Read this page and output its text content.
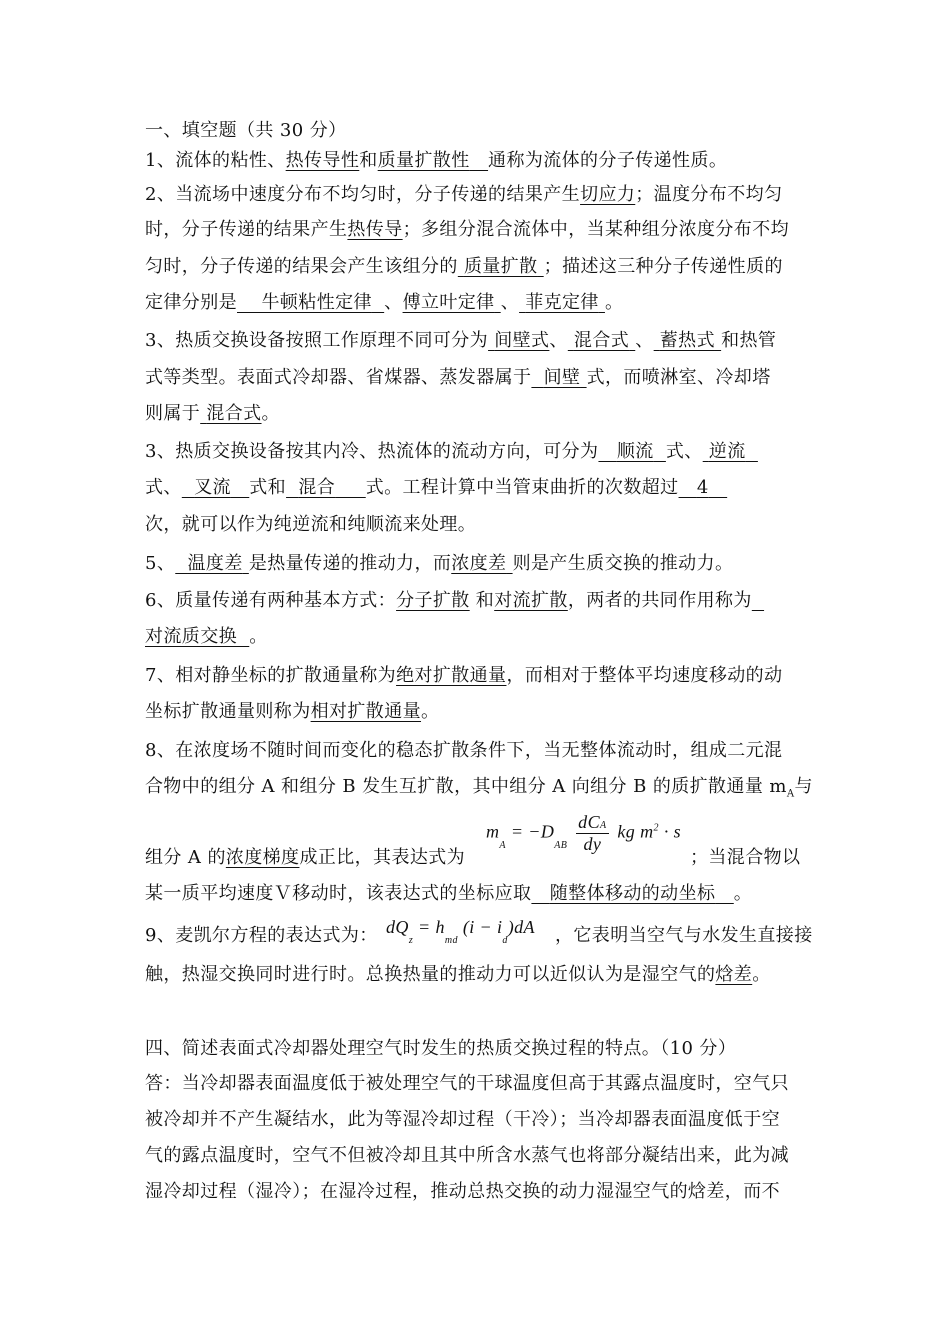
一、填空题（共 30 分）
1、流体的粘性、热传导性和质量扩散性 通称为流体的分子传递性质。
2、当流场中速度分布不均匀时，分子传递的结果产生切应力；温度分布不均匀
时，分子传递的结果产生热传导；多组分混合流体中，当某种组分浓度分布不均
匀时，分子传递的结果会产生该组分的 质量扩散 ；描述这三种分子传递性质的
定律分别是 牛顿粘性定律 、傅立叶定律 、 菲克定律 。
3、热质交换设备按照工作原理不同可分为 间壁式、 混合式 、 蓄热式 和热管
式等类型。表面式冷却器、省煤器、蒸发器属于 间壁 式，而喷淋室、冷却塔
则属于 混合式。
3、热质交换设备按其内冷、热流体的流动方向，可分为 顺流 式、 逆流
式、 叉流 式和 混合 式。工程计算中当管束曲折的次数超过 4
次，就可以作为纯逆流和纯顺流来处理。
5、 温度差 是热量传递的推动力，而浓度差 则是产生质交换的推动力。
6、质量传递有两种基本方式：分子扩散 和对流扩散，两者的共同作用称为
对流质交换 。
7、相对静坐标的扩散通量称为绝对扩散通量，而相对于整体平均速度移动的动
坐标扩散通量则称为相对扩散通量。
8、在浓度场不随时间而变化的稳态扩散条件下，当无整体流动时，组成二元混
合物中的组分 A 和组分 B 发生互扩散，其中组分 A 向组分 B 的质扩散通量 $m_A$与
$m_A = -D_{AB} \frac{\text{dCA}}{dy}$ kg $m^2 \cdot s$
组分 A 的浓度梯度成正比，其表达式为	；当混合物以
某一质平均速度Ｖ移动时，该表达式的坐标应取 随整体移动的动坐标 。
9、麦凯尔方程的表达式为： $dQ_z = h_{md}$ $(i - i_d)dA$ ，它表明当空气与水发生直接接
触，热湿交换同时进行时。总换热量的推动力可以近似认为是湿空气的焓差。
四、简述表面式冷却器处理空气时发生的热质交换过程的特点。（10 分）
答：当冷却器表面温度低于被处理空气的干球温度但高于其露点温度时，空气只
被冷却并不产生凝结水，此为等湿冷却过程（干冷）；当冷却器表面温度低于空
气的露点温度时，空气不但被冷却且其中所含水蒸气也将部分凝结出来，此为减
湿冷却过程（湿冷）；在湿冷过程，推动总热交换的动力湿湿空气的焓差，而不
